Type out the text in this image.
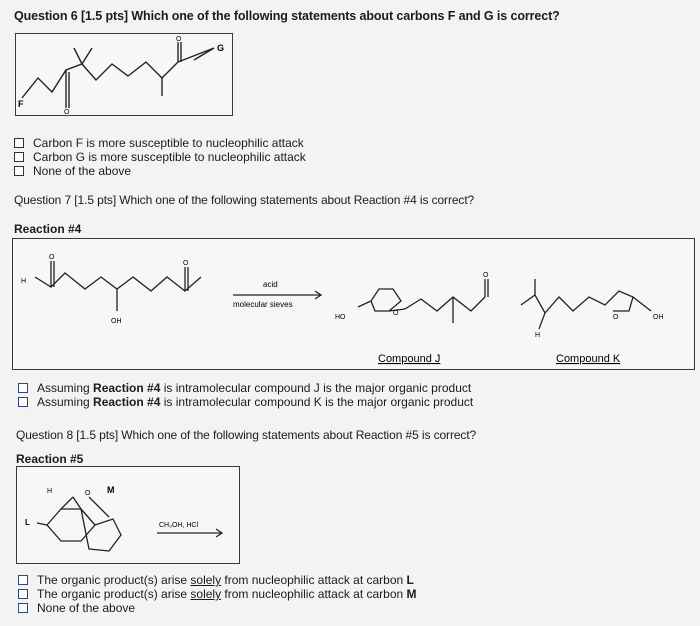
Question 6 [1.5 pts] Which one of the following statements about carbons F and G is correct?
F
G
O
O
Carbon F is more susceptible to nucleophilic attack
Carbon G is more susceptible to nucleophilic attack
None of the above
Question 7 [1.5 pts] Which one of the following statements about Reaction #4 is correct?
Reaction #4
H
OH
O
O
acid
molecular sieves
HO
O
O
H
O	OH
Compound J	Compound K
Assuming Reaction #4 is intramolecular compound J is the major organic product
Assuming Reaction #4 is intramolecular compound K is the major organic product
Question 8 [1.5 pts] Which one of the following statements about Reaction #5 is correct?
Reaction #5
M
H	O
L	CH₃OH, HCl
The organic product(s) arise solely from nucleophilic attack at carbon L
The organic product(s) arise solely from nucleophilic attack at carbon M
None of the above
